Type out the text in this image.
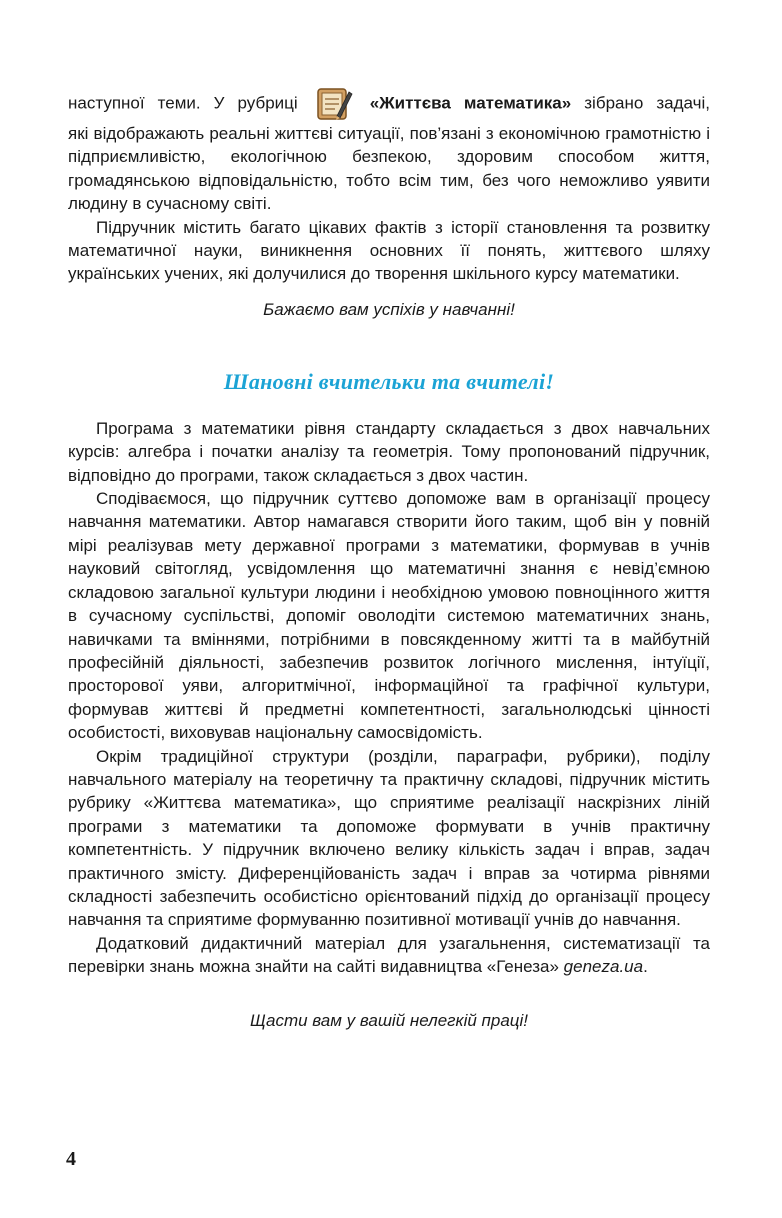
наступної теми. У рубриці	«Життєва математика» зібрано задачі,

які відображають реальні життєві ситуації, пов’язані з економічною грамотністю і підприємливістю, екологічною безпекою, здоровим способом життя, громадянською відповідальністю, тобто всім тим, без чого неможливо уявити людину в сучасному світі.

Підручник містить багато цікавих фактів з історії становлення та розвитку математичної науки, виникнення основних її понять, життєвого шляху українських учених, які долучилися до творення шкільного курсу математики.

Бажаємо вам успіхів у навчанні!

Шановні вчительки та вчителі!

Програма з математики рівня стандарту складається з двох навчальних курсів: алгебра і початки аналізу та геометрія. Тому пропонований підручник, відповідно до програми, також складається з двох частин.

Сподіваємося, що підручник суттєво допоможе вам в організації процесу навчання математики. Автор намагався створити його таким, щоб він у повній мірі реалізував мету державної програми з математики, формував в учнів науковий світогляд, усвідомлення що математичні знання є невід’ємною складовою загальної культури людини і необхідною умовою повноцінного життя в сучасному суспільстві, допоміг оволодіти системою математичних знань, навичками та вміннями, потрібними в повсякденному житті та в майбутній професійній діяльності, забезпечив розвиток логічного мислення, інтуїції, просторової уяви, алгоритмічної, інформаційної та графічної культури, формував життєві й предметні компетентності, загальнолюдські цінності особистості, виховував національну самосвідомість.

Окрім традиційної структури (розділи, параграфи, рубрики), поділу навчального матеріалу на теоретичну та практичну складові, підручник містить рубрику «Життєва математика», що сприятиме реалізації наскрізних ліній програми з математики та допоможе формувати в учнів практичну компетентність. У підручник включено велику кількість задач і вправ, задач практичного змісту. Диференційованість задач і вправ за чотирма рівнями складності забезпечить особистісно орієнтований підхід до організації процесу навчання та сприятиме формуванню позитивної мотивації учнів до навчання.

Додатковий дидактичний матеріал для узагальнення, систематизації та перевірки знань можна знайти на сайті видавництва «Генеза» geneza.ua.

Щасти вам у вашій нелегкій праці!

4
